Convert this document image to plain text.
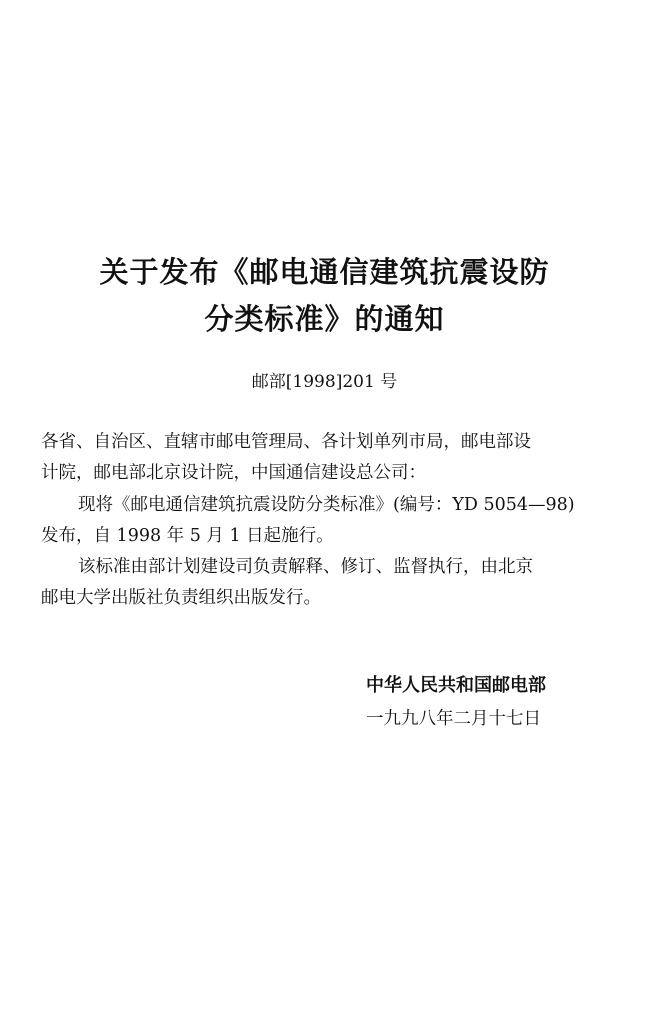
关于发布《邮电通信建筑抗震设防
分类标准》的通知
邮部[1998]201 号
各省、自治区、直辖市邮电管理局、各计划单列市局，邮电部设
计院，邮电部北京设计院，中国通信建设总公司：
现将《邮电通信建筑抗震设防分类标准》(编号：YD 5054—98)
发布，自 1998 年 5 月 1 日起施行。
该标准由部计划建设司负责解释、修订、监督执行，由北京
邮电大学出版社负责组织出版发行。
中华人民共和国邮电部
一九九八年二月十七日
